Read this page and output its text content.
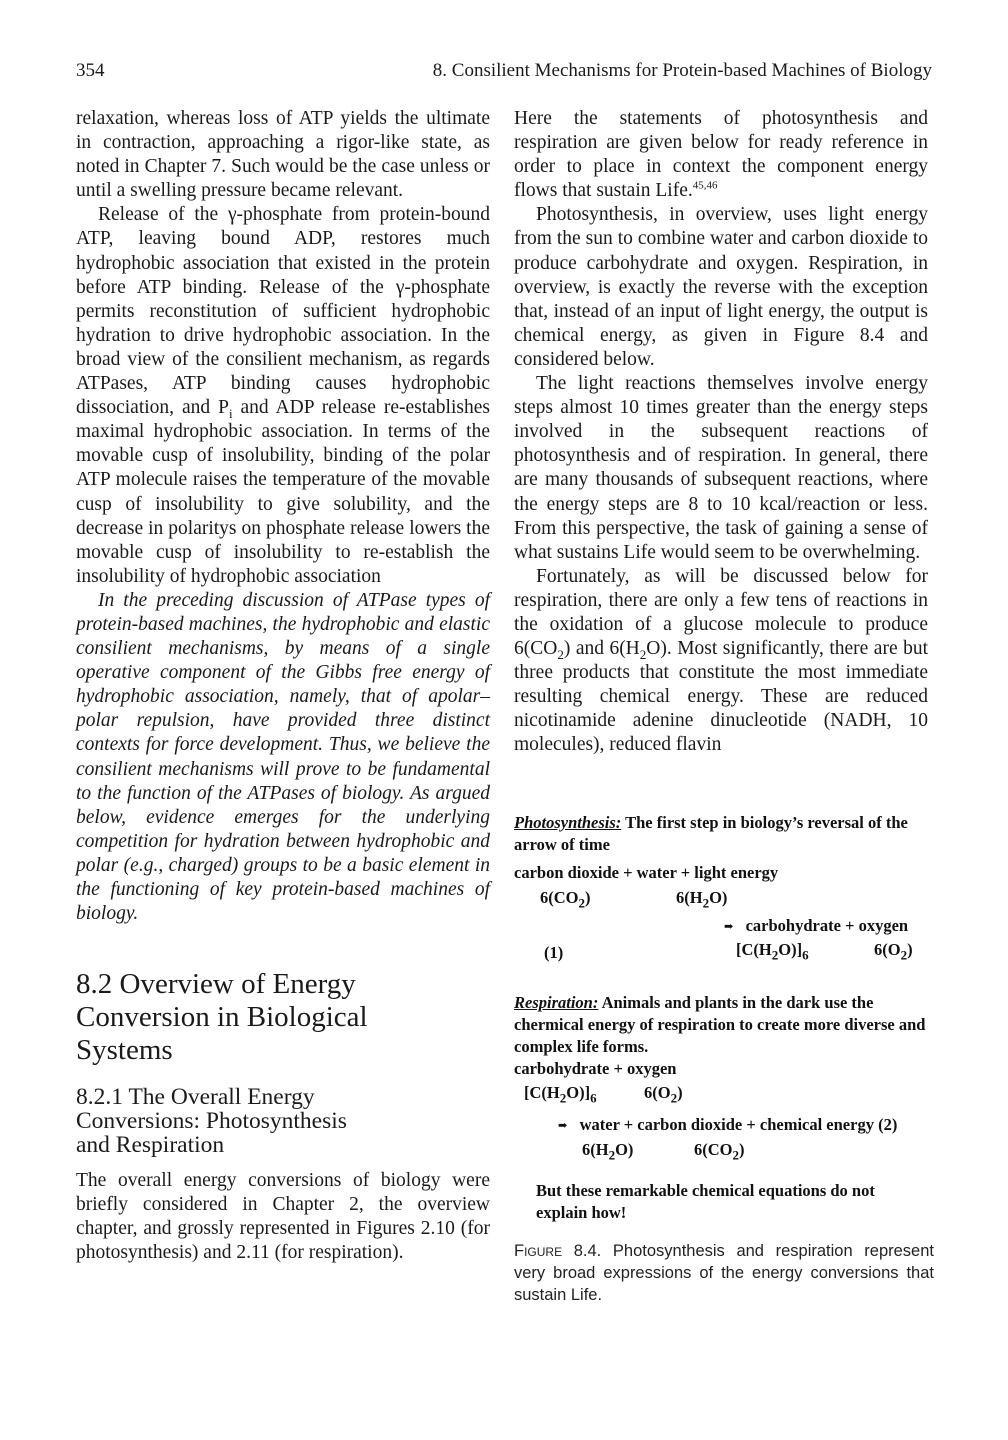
354	8. Consilient Mechanisms for Protein-based Machines of Biology

relaxation, whereas loss of ATP yields the ultimate in contraction, approaching a rigor-like state, as noted in Chapter 7. Such would be the case unless or until a swelling pressure became relevant.

Release of the γ-phosphate from protein-bound ATP, leaving bound ADP, restores much hydrophobic association that existed in the protein before ATP binding. Release of the γ-phosphate permits reconstitution of sufficient hydrophobic hydration to drive hydrophobic association. In the broad view of the consilient mechanism, as regards ATPases, ATP binding causes hydrophobic dissociation, and $P_i$ and ADP release re-establishes maximal hydrophobic association. In terms of the movable cusp of insolubility, binding of the polar ATP molecule raises the temperature of the movable cusp of insolubility to give solubility, and the decrease in polaritys on phosphate release lowers the movable cusp of insolubility to re-establish the insolubility of hydrophobic association

In the preceding discussion of ATPase types of protein-based machines, the hydrophobic and elastic consilient mechanisms, by means of a single operative component of the Gibbs free energy of hydrophobic association, namely, that of apolar–polar repulsion, have provided three distinct contexts for force development. Thus, we believe the consilient mechanisms will prove to be fundamental to the function of the ATPases of biology. As argued below, evidence emerges for the underlying competition for hydration between hydrophobic and polar (e.g., charged) groups to be a basic element in the functioning of key protein-based machines of biology.

8.2 Overview of Energy
Conversion in Biological
Systems
8.2.1 The Overall Energy
Conversions: Photosynthesis
and Respiration

The overall energy conversions of biology were briefly considered in Chapter 2, the overview chapter, and grossly represented in Figures 2.10 (for photosynthesis) and 2.11 (for respiration).

Here the statements of photosynthesis and respiration are given below for ready reference in order to place in context the component energy flows that sustain Life.$^{45,46}$

Photosynthesis, in overview, uses light energy from the sun to combine water and carbon dioxide to produce carbohydrate and oxygen. Respiration, in overview, is exactly the reverse with the exception that, instead of an input of light energy, the output is chemical energy, as given in Figure 8.4 and considered below.

The light reactions themselves involve energy steps almost 10 times greater than the energy steps involved in the subsequent reactions of photosynthesis and of respiration. In general, there are many thousands of subsequent reactions, where the energy steps are 8 to 10 kcal/reaction or less. From this perspective, the task of gaining a sense of what sustains Life would seem to be overwhelming.

Fortunately, as will be discussed below for respiration, there are only a few tens of reactions in the oxidation of a glucose molecule to produce $6(CO_2)$ and $6(H_2O)$. Most significantly, there are but three products that constitute the most immediate resulting chemical energy. These are reduced nicotinamide adenine dinucleotide (NADH, 10 molecules), reduced flavin

Photosynthesis: The first step in biology’s reversal of the arrow of time

carbon dioxide + water + light energy
$6(CO_2)$	$6(H_2O)$
➡ carbohydrate + oxygen
(1)	$[C(H_2O)]_6$	$6(O_2)$

Respiration: Animals and plants in the dark use the chermical energy of respiration to create more diverse and complex life forms.

carbohydrate + oxygen
$[C(H_2O)]_6$	$6(O_2)$
➡ water + carbon dioxide + chemical energy (2)
$6(H_2O)$	$6(CO_2)$
But these remarkable chemical equations do not explain how!
Figure 8.4. Photosynthesis and respiration represent very broad expressions of the energy conversions that sustain Life.
